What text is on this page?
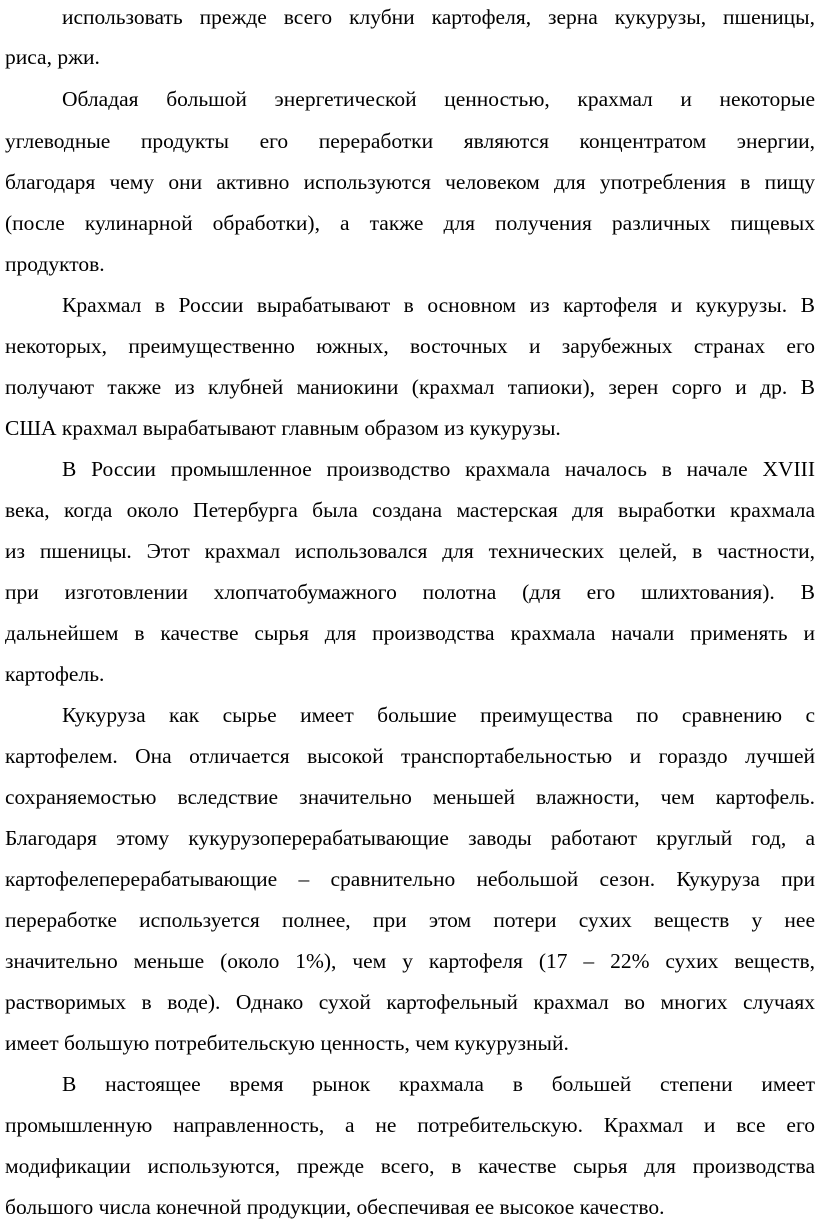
использовать прежде всего клубни картофеля, зерна кукурузы, пшеницы,
риса, ржи.
Обладая большой энергетической ценностью, крахмал и некоторые
углеводные продукты его переработки являются концентратом энергии,
благодаря чему они активно используются человеком для употребления в пищу
(после кулинарной обработки), а также для получения различных пищевых
продуктов.
Крахмал в России вырабатывают в основном из картофеля и кукурузы. В
некоторых, преимущественно южных, восточных и зарубежных странах его
получают также из клубней маниокини (крахмал тапиоки), зерен сорго и др. В
США крахмал вырабатывают главным образом из кукурузы.
В России промышленное производство крахмала началось в начале XVIII
века, когда около Петербурга была создана мастерская для выработки крахмала
из пшеницы. Этот крахмал использовался для технических целей, в частности,
при изготовлении хлопчатобумажного полотна (для его шлихтования). В
дальнейшем в качестве сырья для производства крахмала начали применять и
картофель.
Кукуруза как сырье имеет большие преимущества по сравнению с
картофелем. Она отличается высокой транспортабельностью и гораздо лучшей
сохраняемостью вследствие значительно меньшей влажности, чем картофель.
Благодаря этому кукурузоперерабатывающие заводы работают круглый год, а
картофелеперерабатывающие – сравнительно небольшой сезон. Кукуруза при
переработке используется полнее, при этом потери сухих веществ у нее
значительно меньше (около 1%), чем у картофеля (17 – 22% сухих веществ,
растворимых в воде). Однако сухой картофельный крахмал во многих случаях
имеет большую потребительскую ценность, чем кукурузный.
В настоящее время рынок крахмала в большей степени имеет
промышленную направленность, а не потребительскую. Крахмал и все его
модификации используются, прежде всего, в качестве сырья для производства
большого числа конечной продукции, обеспечивая ее высокое качество.
